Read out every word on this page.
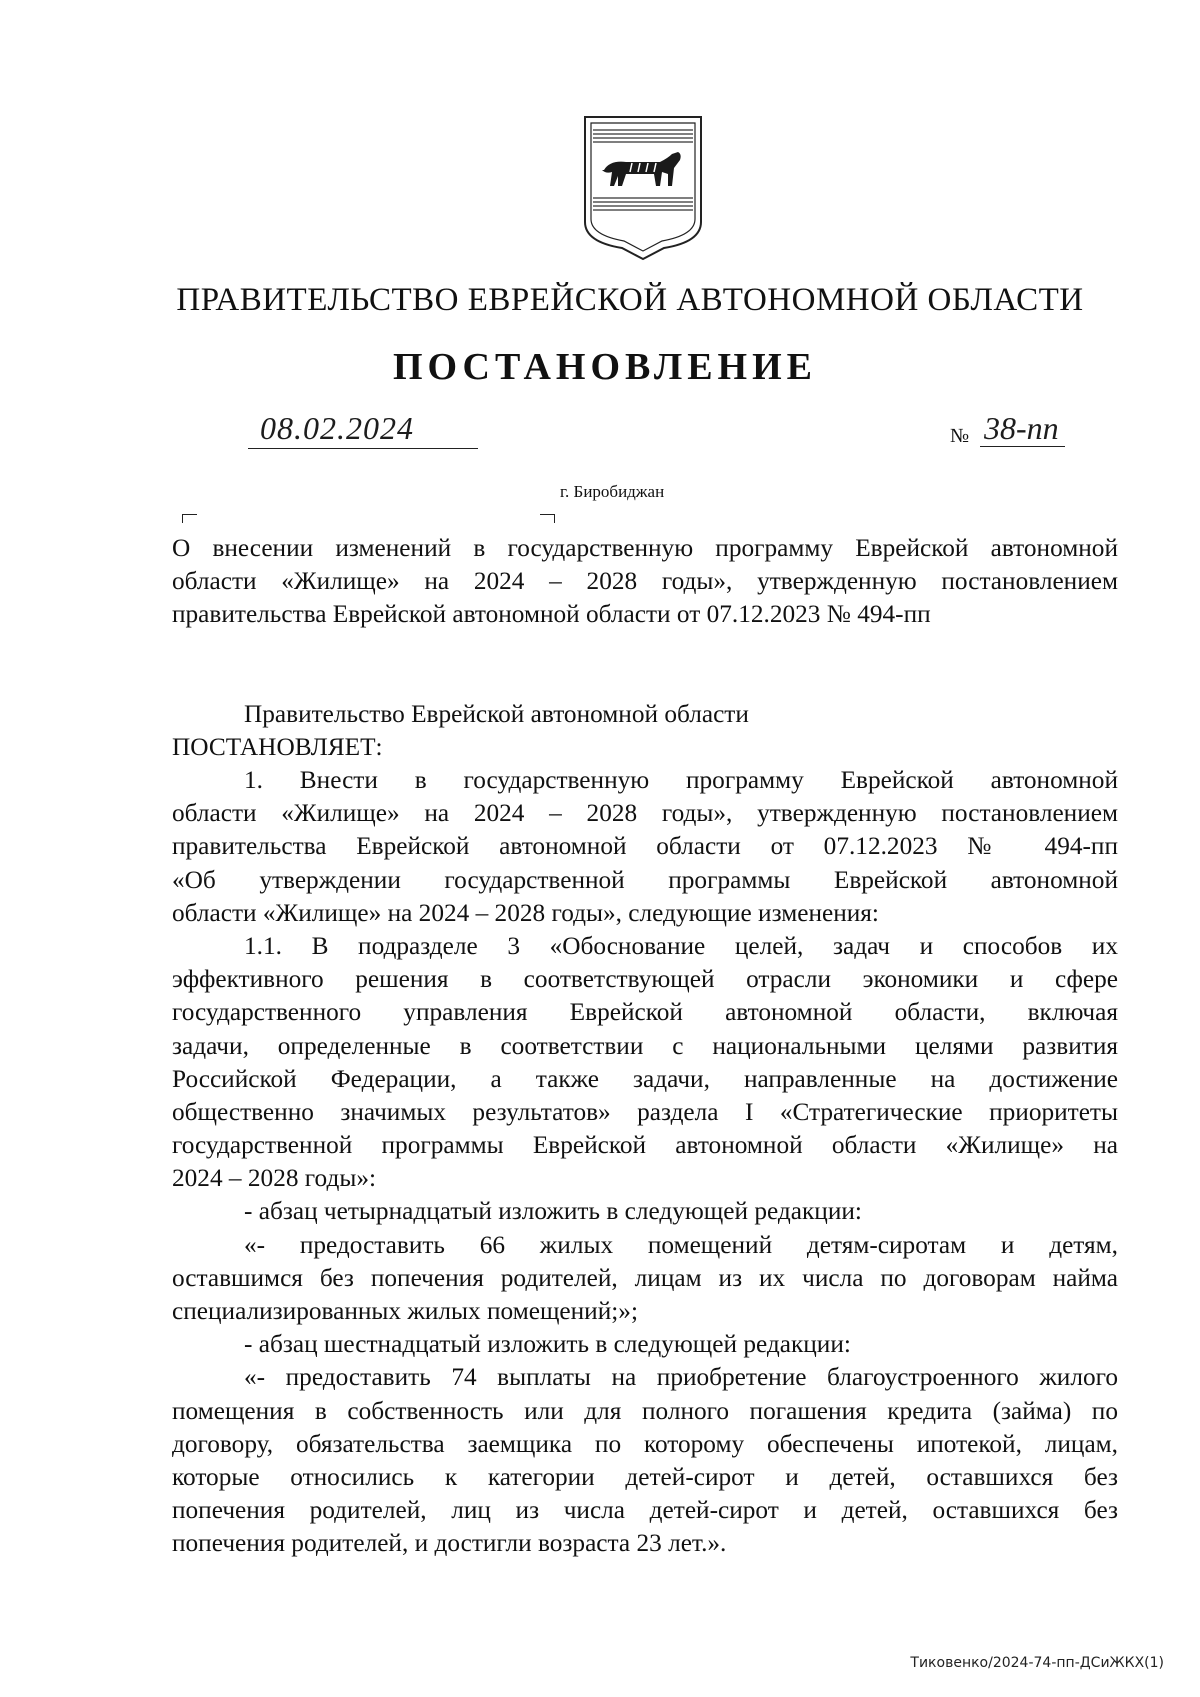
ПРАВИТЕЛЬСТВО ЕВРЕЙСКОЙ АВТОНОМНОЙ ОБЛАСТИ
ПОСТАНОВЛЕНИЕ
08.02.2024	№ 38-пп
г. Биробиджан
О внесении изменений в государственную программу Еврейской автономной
области «Жилище» на 2024 – 2028 годы», утвержденную постановлением
правительства Еврейской автономной области от 07.12.2023 № 494-пп
Правительство Еврейской автономной области
ПОСТАНОВЛЯЕТ:
1. Внести в государственную программу Еврейской автономной
области «Жилище» на 2024 – 2028 годы», утвержденную постановлением
правительства Еврейской автономной области от 07.12.2023 № 494-пп
«Об утверждении государственной программы Еврейской автономной
области «Жилище» на 2024 – 2028 годы», следующие изменения:
1.1. В подразделе 3 «Обоснование целей, задач и способов их
эффективного решения в соответствующей отрасли экономики и сфере
государственного управления Еврейской автономной области, включая
задачи, определенные в соответствии с национальными целями развития
Российской Федерации, а также задачи, направленные на достижение
общественно значимых результатов» раздела I «Стратегические приоритеты
государственной программы Еврейской автономной области «Жилище» на
2024 – 2028 годы»:
- абзац четырнадцатый изложить в следующей редакции:
«- предоставить 66 жилых помещений детям-сиротам и детям,
оставшимся без попечения родителей, лицам из их числа по договорам найма
специализированных жилых помещений;»;
- абзац шестнадцатый изложить в следующей редакции:
«- предоставить 74 выплаты на приобретение благоустроенного жилого
помещения в собственность или для полного погашения кредита (займа) по
договору, обязательства заемщика по которому обеспечены ипотекой, лицам,
которые относились к категории детей-сирот и детей, оставшихся без
попечения родителей, лиц из числа детей-сирот и детей, оставшихся без
попечения родителей, и достигли возраста 23 лет.».
Тиковенко/2024-74-пп-ДСиЖКХ(1)
